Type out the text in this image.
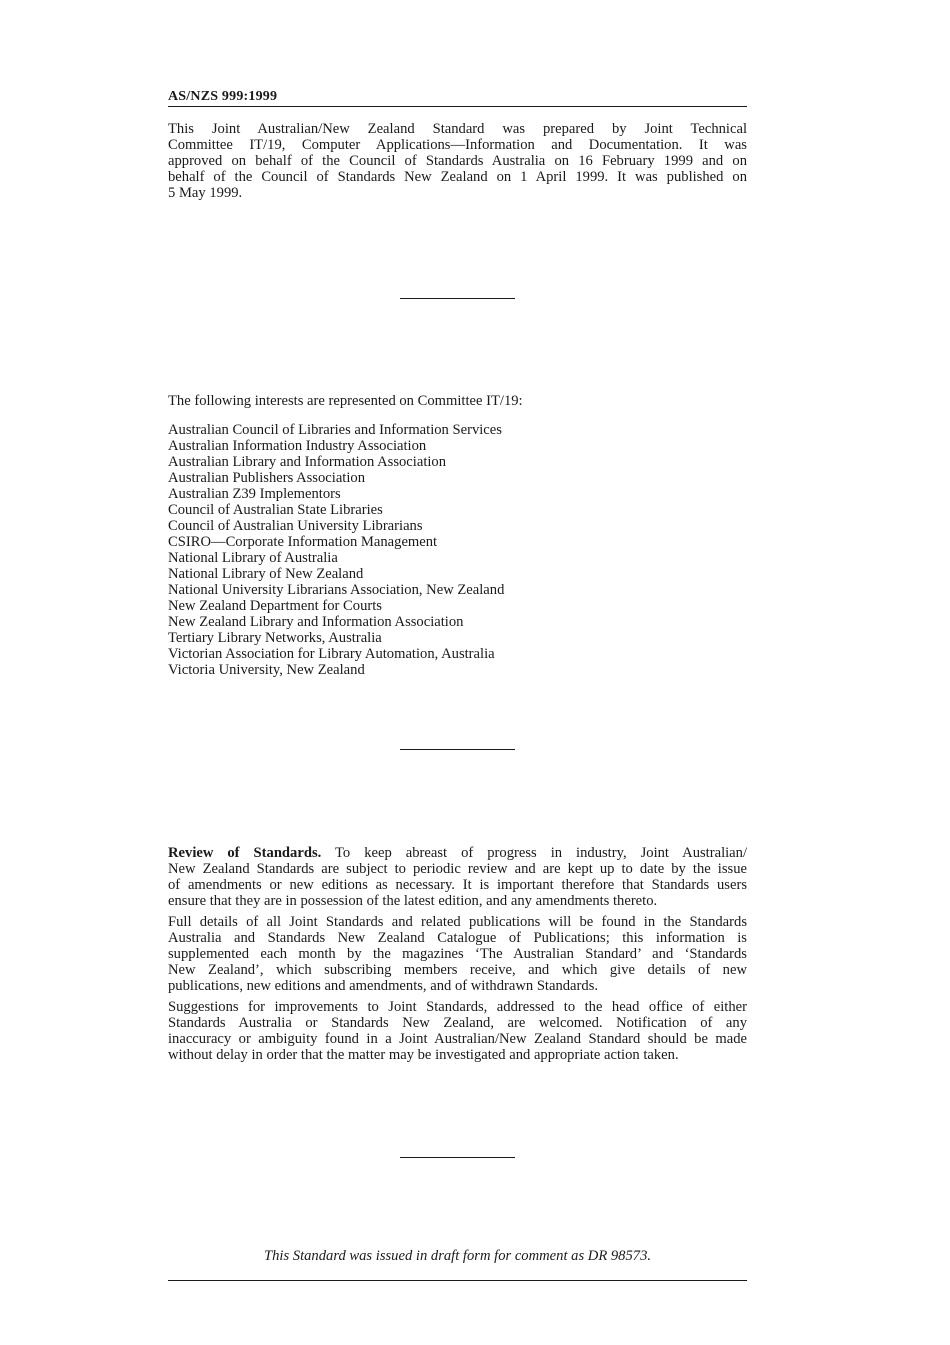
AS/NZS 999:1999
This Joint Australian/New Zealand Standard was prepared by Joint Technical
Committee IT/19, Computer Applications—Information and Documentation. It was
approved on behalf of the Council of Standards Australia on 16 February 1999 and on
behalf of the Council of Standards New Zealand on 1 April 1999. It was published on
5 May 1999.
The following interests are represented on Committee IT/19:
Australian Council of Libraries and Information Services
Australian Information Industry Association
Australian Library and Information Association
Australian Publishers Association
Australian Z39 Implementors
Council of Australian State Libraries
Council of Australian University Librarians
CSIRO—Corporate Information Management
National Library of Australia
National Library of New Zealand
National University Librarians Association, New Zealand
New Zealand Department for Courts
New Zealand Library and Information Association
Tertiary Library Networks, Australia
Victorian Association for Library Automation, Australia
Victoria University, New Zealand

Review of Standards. To keep abreast of progress in industry, Joint Australian/
New Zealand Standards are subject to periodic review and are kept up to date by the issue
of amendments or new editions as necessary. It is important therefore that Standards users
ensure that they are in possession of the latest edition, and any amendments thereto.

Full details of all Joint Standards and related publications will be found in the Standards
Australia and Standards New Zealand Catalogue of Publications; this information is
supplemented each month by the magazines ‘The Australian Standard’ and ‘Standards
New Zealand’, which subscribing members receive, and which give details of new
publications, new editions and amendments, and of withdrawn Standards.

Suggestions for improvements to Joint Standards, addressed to the head office of either
Standards Australia or Standards New Zealand, are welcomed. Notification of any
inaccuracy or ambiguity found in a Joint Australian/New Zealand Standard should be made
without delay in order that the matter may be investigated and appropriate action taken.

This Standard was issued in draft form for comment as DR 98573.
